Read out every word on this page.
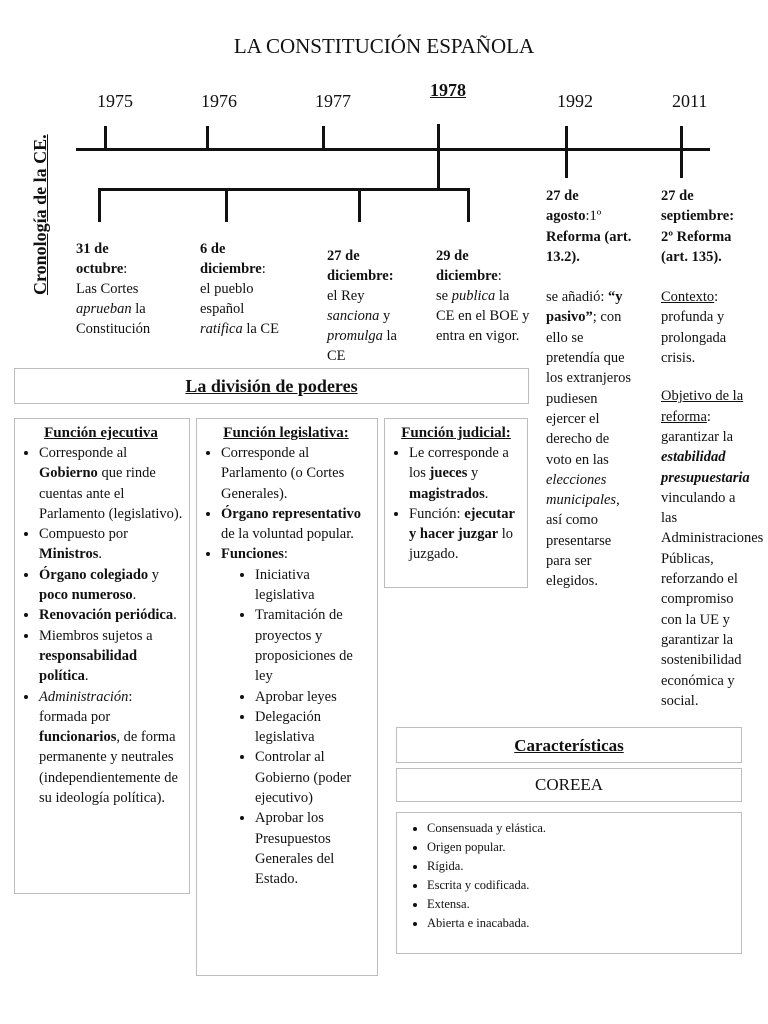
LA CONSTITUCIÓN ESPAÑOLA
1975	1976	1977
1978
1992	2011
Cronología de la CE. 31 de octubre:
Las Cortes aprueban la Constitución
6 de diciembre:
el pueblo español ratifica la CE
27 de diciembre:
el Rey sanciona y promulga la CE
29 de diciembre:
se publica la CE en el BOE y entra en vigor.
27 de agosto:1º
Reforma (art. 13.2).
se añadió: “y pasivo”; con ello se pretendía que los extranjeros pudiesen ejercer el derecho de voto en las elecciones municipales, así como presentarse para ser elegidos.
27 de septiembre:
2º Reforma (art. 135).
Contexto: profunda y prolongada crisis.
Objetivo de la reforma: garantizar la estabilidad presupuestaria vinculando a las Administraciones Públicas, reforzando el compromiso con la UE y garantizar la sostenibilidad económica y social.
La división de poderes
Función ejecutiva
• Corresponde al Gobierno que rinde cuentas ante el Parlamento (legislativo).
• Compuesto por Ministros.
• Órgano colegiado y poco numeroso.
• Renovación periódica.
• Miembros sujetos a responsabilidad política.
• Administración: formada por funcionarios, de forma permanente y neutrales (independientemente de su ideología política).
Función legislativa:
• Corresponde al Parlamento (o Cortes Generales).
• Órgano representativo de la voluntad popular.
• Funciones:
• Iniciativa legislativa
• Tramitación de proyectos y proposiciones de ley
• Aprobar leyes
• Delegación legislativa
• Controlar al Gobierno (poder ejecutivo)
• Aprobar los Presupuestos Generales del Estado.
Función judicial:
• Le corresponde a los jueces y magistrados.
• Función: ejecutar y hacer juzgar lo juzgado.
Características
COREEA
• Consensuada y elástica.
• Origen popular.
• Rígida.
• Escrita y codificada.
• Extensa.
• Abierta e inacabada.
